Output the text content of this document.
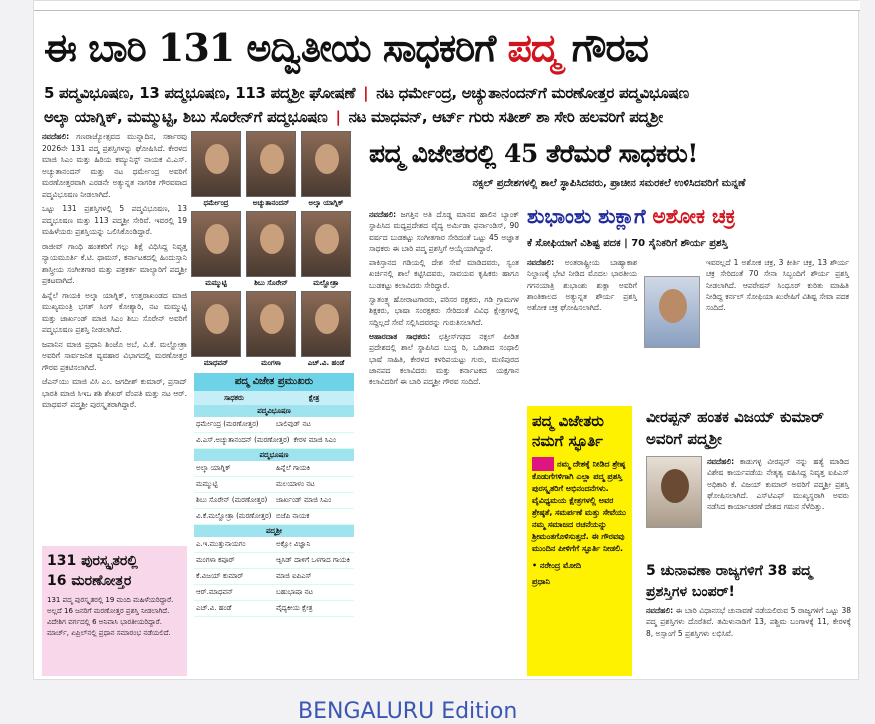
ಈ ಬಾರಿ 131 ಅದ್ವಿತೀಯ ಸಾಧಕರಿಗೆ ಪದ್ಮ ಗೌರವ
5 ಪದ್ಮವಿಭೂಷಣ, 13 ಪದ್ಮಭೂಷಣ, 113 ಪದ್ಮಶ್ರೀ ಘೋಷಣೆ | ನಟ ಧರ್ಮೇಂದ್ರ, ಅಚ್ಯುತಾನಂದನ್‌ಗೆ ಮರಣೋತ್ತರ ಪದ್ಮವಿಭೂಷಣ
ಅಲ್ಕಾ ಯಾಗ್ನಿಕ್, ಮಮ್ಮುಟ್ಟಿ, ಶಿಬು ಸೊರೇನ್‌ಗೆ ಪದ್ಮಭೂಷಣ | ನಟ ಮಾಧವನ್, ಆರ್ಟ್ ಗುರು ಸತೀಶ್ ಶಾ ಸೇರಿ ಹಲವರಿಗೆ ಪದ್ಮಶ್ರೀ

ನವದೆಹಲಿ: ಗಣರಾಜ್ಯೋತ್ಸವದ ಮುನ್ನಾದಿನ, ಸರ್ಕಾರವು 2026ನೇ 131 ಪದ್ಮ ಪ್ರಶಸ್ತಿಗಳನ್ನು ಘೋಷಿಸಿದೆ. ಕೇರಳದ ಮಾಜಿ ಸಿಎಂ ಮತ್ತು ಹಿರಿಯ ಕಮ್ಯುನಿಸ್ಟ್ ನಾಯಕ ವಿ.ಎಸ್. ಅಚ್ಯುತಾನಂದನ್ ಮತ್ತು ನಟ ಧರ್ಮೇಂದ್ರ ಅವರಿಗೆ ಮರಣೋತ್ತರವಾಗಿ ಎರಡನೇ ಅತ್ಯುನ್ನತ ನಾಗರಿಕ ಗೌರವವಾದ ಪದ್ಮವಿಭೂಷಣ ನೀಡಲಾಗಿದೆ.

ಒಟ್ಟು 131 ಪ್ರಶಸ್ತಿಗಳಲ್ಲಿ 5 ಪದ್ಮವಿಭೂಷಣ, 13 ಪದ್ಮಭೂಷಣ ಮತ್ತು 113 ಪದ್ಮಶ್ರೀ ಸೇರಿವೆ. ಇವರಲ್ಲಿ 19 ಮಹಿಳೆಯರು ಪ್ರಶಸ್ತಿಯನ್ನು ಒಲಿಸಿಕೊಂಡಿದ್ದಾರೆ.

ರಾಜೀವ್ ಗಾಂಧಿ ಹಂತಕರಿಗೆ ಗಲ್ಲು ಶಿಕ್ಷೆ ವಿಧಿಸಿದ್ದ ನಿವೃತ್ತ ನ್ಯಾಯಮೂರ್ತಿ ಕೆ.ಟಿ. ಥಾಮಸ್, ಕರ್ನಾಟಕದಲ್ಲಿ ಹಿಂದುಸ್ತಾನಿ ಶಾಸ್ತ್ರೀಯ ಸಂಗೀತಗಾರ ಮತ್ತು ಪತ್ರಕರ್ತ ಮಾಲ್ಯಾರಿಗೆ ಪದ್ಮಶ್ರೀ ಪ್ರಕಟವಾಗಿದೆ.

ಹಿನ್ನೆಲೆ ಗಾಯಕಿ ಅಲ್ಕಾ ಯಾಗ್ನಿಕ್, ಉತ್ತರಾಖಂಡದ ಮಾಜಿ ಮುಖ್ಯಮಂತ್ರಿ ಭಗತ್ ಸಿಂಗ್ ಕೋಶ್ಯಾರಿ, ನಟ ಮಮ್ಮುಟ್ಟಿ ಮತ್ತು ಜಾರ್ಖಂಡ್ ಮಾಜಿ ಸಿಎಂ ಶಿಬು ಸೊರೇನ್ ಅವರಿಗೆ ಪದ್ಮಭೂಷಣ ಪ್ರಶಸ್ತಿ ನೀಡಲಾಗಿದೆ.

ಜಪಾನಿನ ಮಾಜಿ ಪ್ರಧಾನಿ ಶಿಂಜೊ ಅಬೆ, ವಿ.ಕೆ. ಮಲ್ಹೋತ್ರಾ ಅವರಿಗೆ ಸಾರ್ವಜನಿಕ ವ್ಯವಹಾರ ವಿಭಾಗದಲ್ಲಿ ಮರಣೋತ್ತರ ಗೌರವ ಪ್ರಕಟಿಸಲಾಗಿದೆ.

ಜೆಎನ್‌ಯು ಮಾಜಿ ವಿಸಿ ಎಂ. ಜಗದೀಶ್ ಕುಮಾರ್, ಪ್ರಸಾದ್ ಭಾರತಿ ಮಾಜಿ ಸಿಇಒ ಶಶಿ ಶೇಖರ್ ವೆಂಪತಿ ಮತ್ತು ನಟ ಆರ್. ಮಾಧವನ್ ಪದ್ಮಶ್ರೀ ಪುರಸ್ಕೃತರಾಗಿದ್ದಾರೆ.

ಧರ್ಮೇಂದ್ರ	ಅಚ್ಯುತಾನಂದನ್	ಅಲ್ಕಾ ಯಾಗ್ನಿಕ್
ಮಮ್ಮುಟ್ಟಿ	ಶಿಬು ಸೊರೇನ್	ಮಲ್ಹೋತ್ರಾ
ಮಾಧವನ್	ಮಂಗಳಾ	ಎಚ್.ವಿ. ಹಂಡೆ
ಪದ್ಮ ವಿಜೇತ ಪ್ರಮುಖರು
ಸಾಧಕರು	ಕ್ಷೇತ್ರ
ಪದ್ಮವಿಭೂಷಣ
ಧರ್ಮೇಂದ್ರ (ಮರಣೋತ್ತರ)	ಬಾಲಿವುಡ್ ನಟ
ವಿ.ಎಸ್.ಅಚ್ಯುತಾನಂದನ್ (ಮರಣೋತ್ತರ) ಕೇರಳ ಮಾಜಿ ಸಿಎಂ
ಪದ್ಮಭೂಷಣ
ಅಲ್ಕಾ ಯಾಗ್ನಿಕ್	ಹಿನ್ನೆಲೆ ಗಾಯಕಿ
ಮಮ್ಮುಟ್ಟಿ	ಮಲಯಾಳಂ ನಟ
ಶಿಬು ಸೊರೇನ್ (ಮರಣೋತ್ತರ)	ಜಾರ್ಖಂಡ್ ಮಾಜಿ ಸಿಎಂ
ವಿ.ಕೆ.ಮಲ್ಹೋತ್ರಾ (ಮರಣೋತ್ತರ) ಬಿಜೆಪಿ ನಾಯಕ
ಪದ್ಮಶ್ರೀ
ಎ.ಇ.ಮುತ್ತುನಾಯಗಂ	ಅಕ್ಷೋ ವಿಜ್ಞಾನಿ
ಮಂಗಳಾ ಕಪೂರ್	ಆ್ಯಸಿಡ್ ದಾಳಿಗೆ ಒಳಗಾದ ಗಾಯಕಿ
ಕೆ.ವಿಜಯ್ ಕುಮಾರ್	ಮಾಜಿ ಐಪಿಎಸ್
ಆರ್.ಮಾಧವನ್	ಬಹುಭಾಷಾ ನಟ
ಎಚ್.ವಿ. ಹಂಡೆ	ವೈದ್ಯಕೀಯ ಕ್ಷೇತ್ರ
131 ಪುರಸ್ಕೃತರಲ್ಲಿ
16 ಮರಣೋತ್ತರ
131 ಪದ್ಮ ಪುರಸ್ಕೃತರಲ್ಲಿ 19 ಮಂದಿ ಮಹಿಳೆಯರಿದ್ದಾರೆ. ಅಲ್ಲದೆ 16 ಜನರಿಗೆ ಮರಣೋತ್ತರ ಪ್ರಶಸ್ತಿ ನೀಡಲಾಗಿದೆ. ವಿದೇಶಿಗ ವರ್ಗದಲ್ಲಿ 6 ಅನಿವಾಸಿ ಭಾರತೀಯರಿದ್ದಾರೆ. ಮಾರ್ಚ್, ಏಪ್ರಿಲ್‌ನಲ್ಲಿ ಪ್ರಧಾನ ಸಮಾರಂಭ ನಡೆಯಲಿದೆ.
ಪದ್ಮ ವಿಜೇತರಲ್ಲಿ 45 ತೆರೆಮರೆ ಸಾಧಕರು!
ನಕ್ಸಲ್ ಪ್ರದೇಶಗಳಲ್ಲಿ ಶಾಲೆ ಸ್ಥಾಪಿಸಿದವರು, ಪ್ರಾಚೀನ ಸಮರಕಲೆ ಉಳಿಸಿದವರಿಗೆ ಮನ್ನಣೆ

ನವದೆಹಲಿ: ಜಗತ್ತಿನ ಅತಿ ದೊಡ್ಡ ಮಾನವ ಹಾಲಿನ ಬ್ಯಾಂಕ್ ಸ್ಥಾಪಿಸಿದ ಮಧ್ಯಪ್ರದೇಶದ ವೈದ್ಯ ಅರ್ಮಿಡಾ ಫರ್ನಾಂಡಿಸ್, 90 ವರ್ಷದ ಬುಡಕಟ್ಟು ಸಂಗೀತಗಾರ ಸೇರಿದಂತೆ ಒಟ್ಟು 45 ಅಜ್ಞಾತ ಸಾಧಕರು ಈ ಬಾರಿ ಪದ್ಮ ಪ್ರಶಸ್ತಿಗೆ ಆಯ್ಕೆಯಾಗಿದ್ದಾರೆ.

ಪಾಕಿಸ್ತಾನದ ಗಡಿಯಲ್ಲಿ ದೇಶ ಸೇವೆ ಮಾಡಿದವರು, ಸ್ವಂತ ಖರ್ಚಿನಲ್ಲಿ ಶಾಲೆ ಕಟ್ಟಿಸಿದವರು, ಸಾವಯವ ಕೃಷಿಕರು ಹಾಗೂ ಬುಡಕಟ್ಟು ಕಲಾವಿದರು ಸೇರಿದ್ದಾರೆ.

ಸ್ವಾತಂತ್ರ್ಯ ಹೋರಾಟಗಾರರು, ಪರಿಸರ ರಕ್ಷಕರು, ಗಡಿ ಗ್ರಾಮಗಳ ಶಿಕ್ಷಕರು, ಭಾಷಾ ಸಂರಕ್ಷಕರು ಸೇರಿದಂತೆ ವಿವಿಧ ಕ್ಷೇತ್ರಗಳಲ್ಲಿ ಸದ್ದಿಲ್ಲದೆ ಸೇವೆ ಸಲ್ಲಿಸಿದವರನ್ನು ಗುರುತಿಸಲಾಗಿದೆ.

ಆಹಾರದಾತ ಸಾಧಕರು: ಛತ್ತೀಸ್‌ಗಢದ ನಕ್ಸಲ್ ಪೀಡಿತ ಪ್ರದೇಶದಲ್ಲಿ ಶಾಲೆ ಸ್ಥಾಪಿಸಿದ ಬುದ್ಧ ರಿ, ಒಡಿಶಾದ ಸಂಥಾಲಿ ಭಾಷೆ ಸಾಹಿತಿ, ಕೇರಳದ ಕಳರಿಪಯಟ್ಟು ಗುರು, ಮಣಿಪುರದ ಜಾನಪದ ಕಲಾವಿದರು ಮತ್ತು ಕರ್ನಾಟಕದ ಯಕ್ಷಗಾನ ಕಲಾವಿದರಿಗೆ ಈ ಬಾರಿ ಪದ್ಮಶ್ರೀ ಗೌರವ ಸಂದಿದೆ.

ಶುಭಾಂಶು ಶುಕ್ಲಾಗೆ ಅಶೋಕ ಚಕ್ರ
ಕೆ ಸೋಫಿಯಾಗೆ ವಿಶಿಷ್ಟ ಪದಕ | 70 ಸೈನಿಕರಿಗೆ ಶೌರ್ಯ ಪ್ರಶಸ್ತಿ
ನವದೆಹಲಿ: ಅಂತರಾಷ್ಟ್ರೀಯ ಬಾಹ್ಯಾಕಾಶ ನಿಲ್ದಾಣಕ್ಕೆ ಭೇಟಿ ನೀಡಿದ ಮೊದಲ ಭಾರತೀಯ ಗಗನಯಾತ್ರಿ ಶುಭಾಂಶು ಶುಕ್ಲಾ ಅವರಿಗೆ ಶಾಂತಿಕಾಲದ ಅತ್ಯುನ್ನತ ಶೌರ್ಯ ಪ್ರಶಸ್ತಿ ಅಶೋಕ ಚಕ್ರ ಘೋಷಿಸಲಾಗಿದೆ.
ಇವರಲ್ಲದೆ 1 ಅಶೋಕ ಚಕ್ರ, 3 ಕೀರ್ತಿ ಚಕ್ರ, 13 ಶೌರ್ಯ ಚಕ್ರ ಸೇರಿದಂತೆ 70 ಸೇನಾ ಸಿಬ್ಬಂದಿಗೆ ಶೌರ್ಯ ಪ್ರಶಸ್ತಿ ನೀಡಲಾಗಿದೆ. ಆಪರೇಷನ್ ಸಿಂಧೂರ್ ಕುರಿತು ಮಾಹಿತಿ ನೀಡಿದ್ದ ಕರ್ನಲ್ ಸೋಫಿಯಾ ಖುರೇಷಿಗೆ ವಿಶಿಷ್ಟ ಸೇವಾ ಪದಕ ಸಂದಿದೆ.
ಪದ್ಮ ವಿಜೇತರು ನಮಗೆ ಸ್ಫೂರ್ತಿ
ನಮ್ಮ ದೇಶಕ್ಕೆ ನೀಡಿದ ಶ್ರೇಷ್ಠ ಕೊಡುಗೆಗಳಿಗಾಗಿ ಎಲ್ಲಾ ಪದ್ಮ ಪ್ರಶಸ್ತಿ ಪುರಸ್ಕೃತರಿಗೆ ಅಭಿನಂದನೆಗಳು. ವೈವಿಧ್ಯಮಯ ಕ್ಷೇತ್ರಗಳಲ್ಲಿ ಅವರ ಶ್ರೇಷ್ಠತೆ, ಸಮರ್ಪಣೆ ಮತ್ತು ಸೇವೆಯು ನಮ್ಮ ಸಮಾಜದ ರಚನೆಯನ್ನು ಶ್ರೀಮಂತಗೊಳಿಸುತ್ತದೆ. ಈ ಗೌರವವು ಮುಂದಿನ ಪೀಳಿಗೆಗೆ ಸ್ಫೂರ್ತಿ ನೀಡಲಿ.
• ನರೇಂದ್ರ ಮೋದಿ
ಪ್ರಧಾನಿ
ವೀರಪ್ಪನ್ ಹಂತಕ ವಿಜಯ್ ಕುಮಾರ್ ಅವರಿಗೆ ಪದ್ಮಶ್ರೀ
ನವದೆಹಲಿ: ಕಾಡುಗಳ್ಳ ವೀರಪ್ಪನ್ ನನ್ನು ಹತ್ಯೆ ಮಾಡಿದ ವಿಶೇಷ ಕಾರ್ಯಪಡೆಯ ನೇತೃತ್ವ ವಹಿಸಿದ್ದ ನಿವೃತ್ತ ಐಪಿಎಸ್ ಅಧಿಕಾರಿ ಕೆ. ವಿಜಯ್ ಕುಮಾರ್ ಅವರಿಗೆ ಪದ್ಮಶ್ರೀ ಪ್ರಶಸ್ತಿ ಘೋಷಿಸಲಾಗಿದೆ. ಎಸ್‌ಟಿಎಫ್ ಮುಖ್ಯಸ್ಥರಾಗಿ ಅವರು ನಡೆಸಿದ ಕಾರ್ಯಾಚರಣೆ ದೇಶದ ಗಮನ ಸೆಳೆದಿತ್ತು.
5 ಚುನಾವಣಾ ರಾಜ್ಯಗಳಿಗೆ 38 ಪದ್ಮ ಪ್ರಶಸ್ತಿಗಳ ಬಂಪರ್!
ನವದೆಹಲಿ: ಈ ಬಾರಿ ವಿಧಾನಸಭೆ ಚುನಾವಣೆ ನಡೆಯಲಿರುವ 5 ರಾಜ್ಯಗಳಿಗೆ ಒಟ್ಟು 38 ಪದ್ಮ ಪ್ರಶಸ್ತಿಗಳು ದೊರೆತಿವೆ. ತಮಿಳುನಾಡಿಗೆ 13, ಪಶ್ಚಿಮ ಬಂಗಾಳಕ್ಕೆ 11, ಕೇರಳಕ್ಕೆ 8, ಅಸ್ಸಾಂಗೆ 5 ಪ್ರಶಸ್ತಿಗಳು ಲಭಿಸಿವೆ.
BENGALURU Edition
